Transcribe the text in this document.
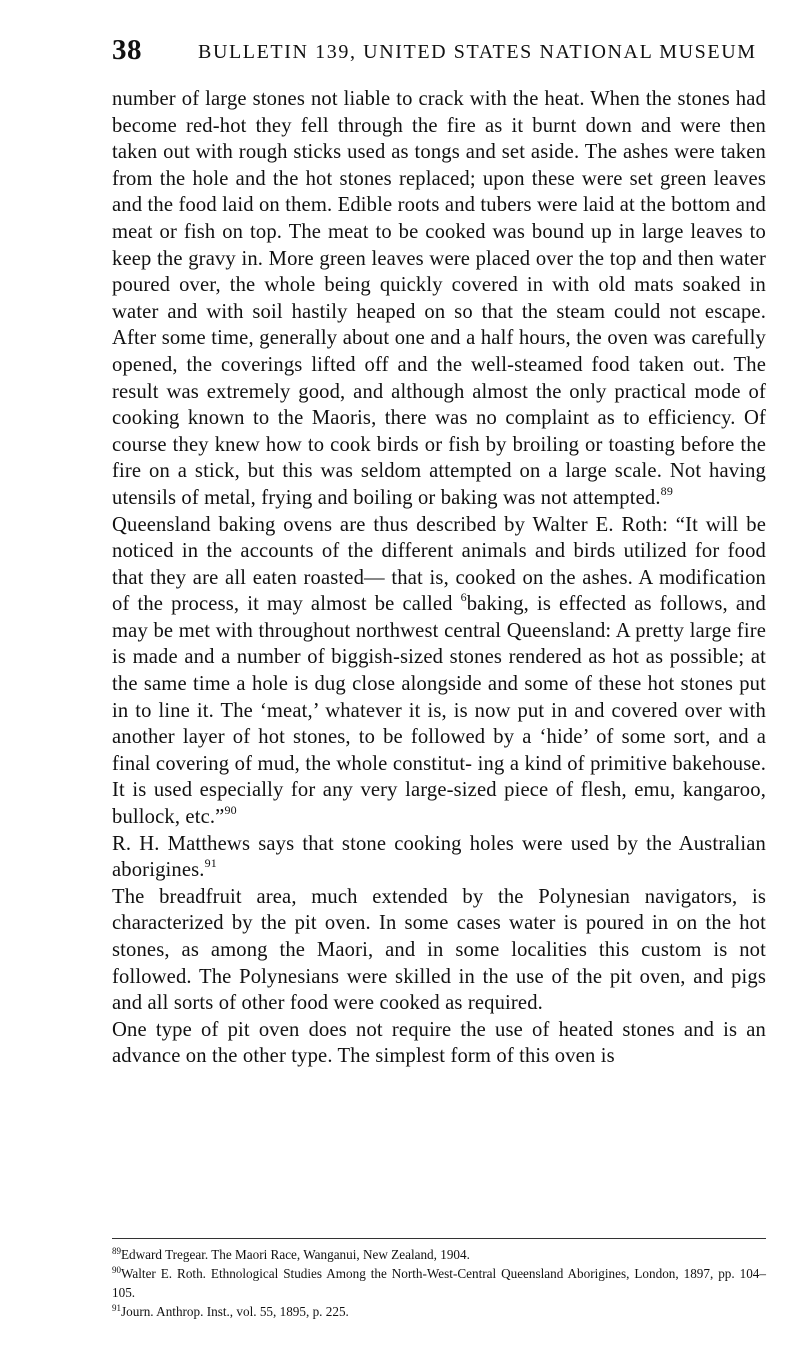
38	BULLETIN 139, UNITED STATES NATIONAL MUSEUM

number of large stones not liable to crack with the heat. When the stones had become red-hot they fell through the fire as it burnt down and were then taken out with rough sticks used as tongs and set aside. The ashes were taken from the hole and the hot stones replaced; upon these were set green leaves and the food laid on them. Edible roots and tubers were laid at the bottom and meat or fish on top. The meat to be cooked was bound up in large leaves to keep the gravy in. More green leaves were placed over the top and then water poured over, the whole being quickly covered in with old mats soaked in water and with soil hastily heaped on so that the steam could not escape. After some time, generally about one and a half hours, the oven was carefully opened, the coverings lifted off and the well-steamed food taken out. The result was extremely good, and although almost the only practical mode of cooking known to the Maoris, there was no complaint as to efficiency. Of course they knew how to cook birds or fish by broiling or toasting before the fire on a stick, but this was seldom attempted on a large scale. Not having utensils of metal, frying and boiling or baking was not attempted.$^{89}$

Queensland baking ovens are thus described by Walter E. Roth: “It will be noticed in the accounts of the different animals and birds utilized for food that they are all eaten roasted— that is, cooked on the ashes. A modification of the process, it may almost be called $^6$baking, is effected as follows, and may be met with throughout northwest central Queensland: A pretty large fire is made and a number of biggish-sized stones rendered as hot as possible; at the same time a hole is dug close alongside and some of these hot stones put in to line it. The ‘meat,’ whatever it is, is now put in and covered over with another layer of hot stones, to be followed by a ‘hide’ of some sort, and a final covering of mud, the whole constitut- ing a kind of primitive bakehouse. It is used especially for any very large-sized piece of flesh, emu, kangaroo, bullock, etc.”$^{90}$

R. H. Matthews says that stone cooking holes were used by the Australian aborigines.$^{91}$

The breadfruit area, much extended by the Polynesian navigators, is characterized by the pit oven. In some cases water is poured in on the hot stones, as among the Maori, and in some localities this custom is not followed. The Polynesians were skilled in the use of the pit oven, and pigs and all sorts of other food were cooked as required.

One type of pit oven does not require the use of heated stones and is an advance on the other type. The simplest form of this oven is

$^{89}$Edward Tregear. The Maori Race, Wanganui, New Zealand, 1904.

$^{90}$Walter E. Roth. Ethnological Studies Among the North-West-Central Queensland Aborigines, London, 1897, pp. 104–105.

$^{91}$Journ. Anthrop. Inst., vol. 55, 1895, p. 225.
